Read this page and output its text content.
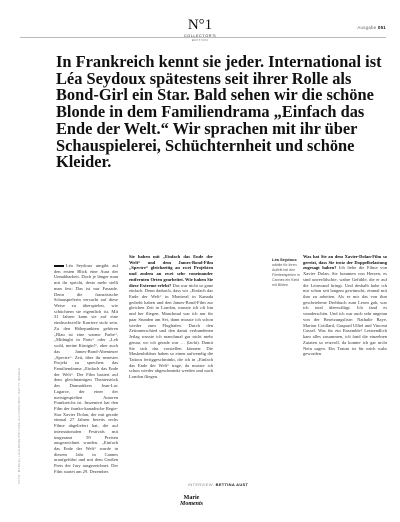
N°1
COLLECTOR'S
EDITION
Ausgabe 051
In Frankreich kennt sie jeder. International ist Léa Seydoux spätestens seit ihrer Rolle als Bond-Girl ein Star. Bald sehen wir die schöne Blonde in dem Familiendrama „Einfach das Ende der Welt.“ Wir sprachen mit ihr über Schauspielerei, Schüchternheit und schöne Kleider.

Léa Seydoux umgibt auf den ersten Blick eine Aura der Unnahbarkeit. Doch je länger man mit ihr spricht, desto mehr stellt man fest: Das ist nur Fassade. Denn die französische Schauspielerin versucht auf diese Weise zu überspielen, wie schüchtern sie eigentlich ist. Mit 31 Jahren kann sie auf eine eindrucksvolle Karriere stolz sein. Zu den Höhepunkten gehören „Blau ist eine warme Farbe“, „Midnight in Paris“ oder „Leb wohl, meine Königin!“, aber auch das James-Bond-Abenteuer „Spectre“. Zeit, über ihr neuestes Projekt zu sprechen: das Familiendrama „Einfach das Ende der Welt“. Der Film basiert auf dem gleichnamigen Theaterstück des Dramatikers Jean-Luc Lagarce, der einer der meistgespielten Autoren Frankreichs ist. Inszeniert hat den Film der franko-kanadische Regie-Star Xavier Dolan, der mit gerade einmal 27 Jahren bereits sechs Filme abgeliefert hat, die auf internationalen Festivals mit insgesamt 59 Preisen ausgezeichnet wurden. „Einfach das Ende der Welt“ wurde in diesem Jahr in Cannes uraufgeführt und mit dem Großen Preis der Jury ausgezeichnet. Der Film startet am 29. Dezember.

Sie haben mit „Einfach das Ende der Welt“ und dem James-Bond-Film „Spectre“ gleichzeitig an zwei Projekten und zudem an zwei sehr voneinander entfernten Orten gearbeitet. Wie haben Sie diese Extreme erlebt? Das war nicht so ganz einfach. Denn dadurch, dass wir „Einfach das Ende der Welt“ in Montreal in Kanada gedreht haben und den James-Bond-Film zur gleichen Zeit in London, musste ich oft hin und her fliegen. Manchmal war ich nur für paar Stunden am Set, dann musste ich schon wieder zum Flughafen. Durch den Zeitunterschied und den damit verbundenen Jetlag wusste ich manchmal gar nicht mehr genau, wo ich gerade war … (lacht). Damit Sie sich das vorstellen können: Die Maskenbildner haben so einen aufwendig die Tattoos fertiggeschminkt, die ich in „Einfach das Ende der Welt“ trage, da musste ich schon wieder abgeschminkt werden und nach London fliegen.

INTERVIEW: BETTINA AUST
Léa Seydoux
wählte für ihren Auftritt bei den Filmfestspielen in Cannes ein Kleid mit Blüten

Was hat Sie an dem Xavier-Dolan-Film so gereizt, dass Sie trotz der Doppelbelastung zugesagt haben? Ich liebe die Filme von Xavier Dolan. Sie kommen von Herzen, es sind unverfälschte, wahre Gefühle, die er auf die Leinwand bringt. Und deshalb habe ich mir schon seit langem gewünscht, einmal mit ihm zu arbeiten. Als er mir das von ihm geschriebene Drehbuch zum Lesen gab, war ich total überwältigt. Ich fand es wunderschön. Und ich war auch sehr angetan von der Besetzungsliste: Nathalie Baye, Marion Cotillard, Gaspard Ulliel und Vincent Cassel. Was für ein Ensemble! Letztendlich kam alles zusammen, ich fand die einzelnen Zutaten so reizvoll, da konnte ich gar nicht Nein sagen. Ein Traum ist für mich wahr geworden.

FOTO: MARCEL LAVERGNE/PICTURE ALLIANCE/DPA; GETTY IMAGES
Marie
Moments
